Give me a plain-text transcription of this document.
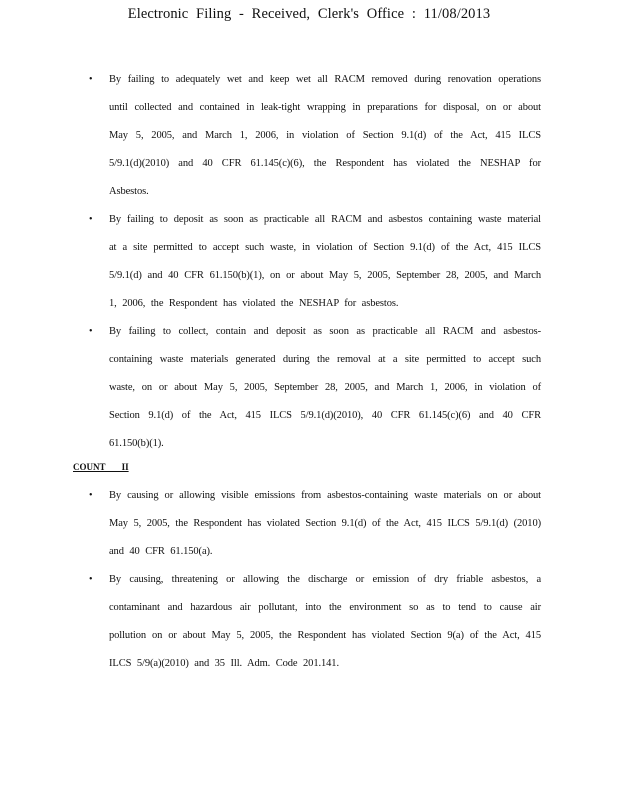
Electronic Filing - Received, Clerk's Office : 11/08/2013
• By failing to adequately wet and keep wet all RACM removed during renovation operations until collected and contained in leak-tight wrapping in preparations for disposal, on or about May 5, 2005, and March 1, 2006, in violation of Section 9.1(d) of the Act, 415 ILCS 5/9.1(d)(2010) and 40 CFR 61.145(c)(6), the Respondent has violated the NESHAP for Asbestos.
• By failing to deposit as soon as practicable all RACM and asbestos containing waste material at a site permitted to accept such waste, in violation of Section 9.1(d) of the Act, 415 ILCS 5/9.1(d) and 40 CFR 61.150(b)(1), on or about May 5, 2005, September 28, 2005, and March 1, 2006, the Respondent has violated the NESHAP for asbestos.
• By failing to collect, contain and deposit as soon as practicable all RACM and asbestos-containing waste materials generated during the removal at a site permitted to accept such waste, on or about May 5, 2005, September 28, 2005, and March 1, 2006, in violation of Section 9.1(d) of the Act, 415 ILCS 5/9.1(d)(2010), 40 CFR 61.145(c)(6) and 40 CFR 61.150(b)(1).
COUNT II
• By causing or allowing visible emissions from asbestos-containing waste materials on or about May 5, 2005, the Respondent has violated Section 9.1(d) of the Act, 415 ILCS 5/9.1(d) (2010) and 40 CFR 61.150(a).
• By causing, threatening or allowing the discharge or emission of dry friable asbestos, a contaminant and hazardous air pollutant, into the environment so as to tend to cause air pollution on or about May 5, 2005, the Respondent has violated Section 9(a) of the Act, 415 ILCS 5/9(a)(2010) and 35 Ill. Adm. Code 201.141.
